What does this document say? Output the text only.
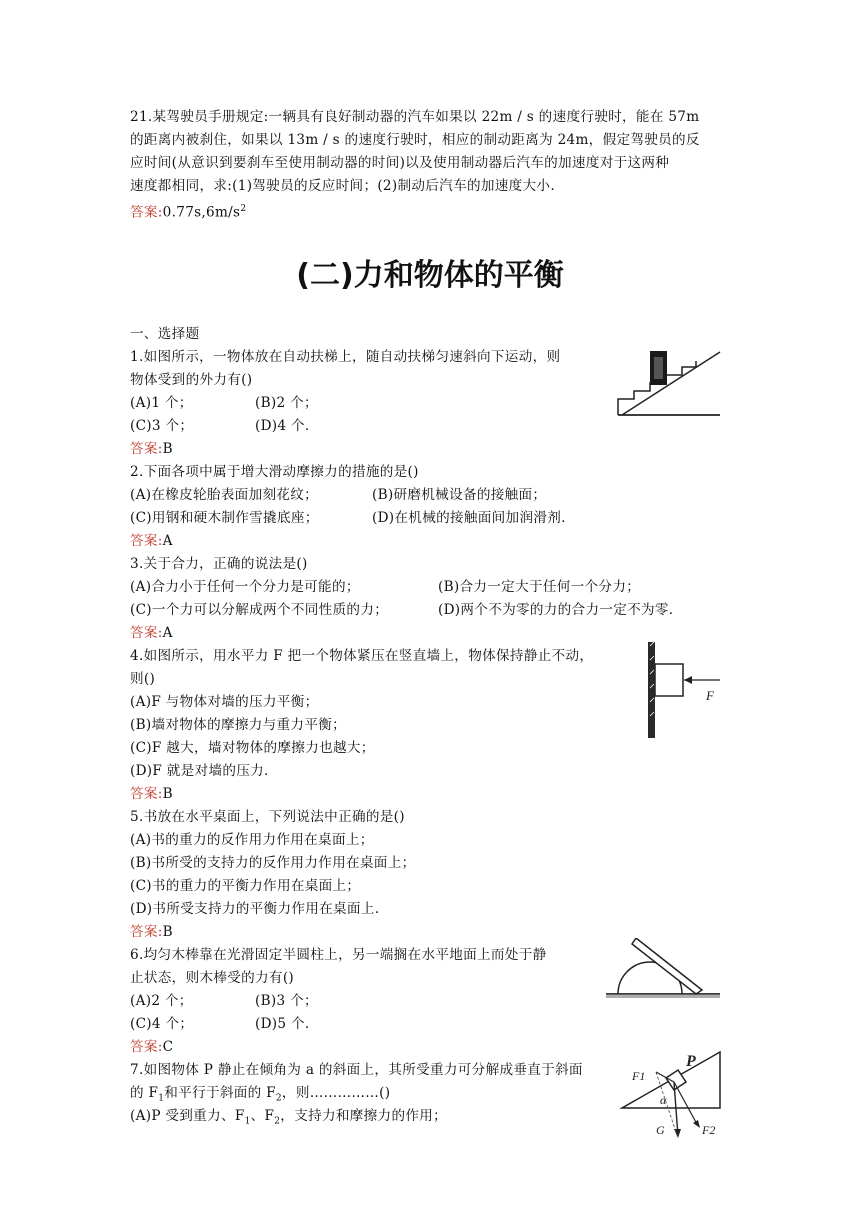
21.某驾驶员手册规定:一辆具有良好制动器的汽车如果以 22m / s 的速度行驶时，能在 57m
的距离内被刹住，如果以 13m / s 的速度行驶时，相应的制动距离为 24m，假定驾驶员的反
应时间(从意识到要刹车至使用制动器的时间)以及使用制动器后汽车的加速度对于这两种
速度都相同，求:(1)驾驶员的反应时间；(2)制动后汽车的加速度大小.
答案$:0.77s,6m/s^2$
(二)力和物体的平衡
一、选择题
1.如图所示，一物体放在自动扶梯上，随自动扶梯匀速斜向下运动，则
物体受到的外力有()
(A)1 个；	(B)2 个；
(C)3 个；	(D)4 个.
答案:B
2.下面各项中属于增大滑动摩擦力的措施的是()
(A)在橡皮轮胎表面加刻花纹；	(B)研磨机械设备的接触面；
(C)用钢和硬木制作雪撬底座；	(D)在机械的接触面间加润滑剂.
答案:A
3.关于合力，正确的说法是()
(A)合力小于任何一个分力是可能的；	(B)合力一定大于任何一个分力；
(C)一个力可以分解成两个不同性质的力；	(D)两个不为零的力的合力一定不为零.
答案:A
4.如图所示，用水平力 F 把一个物体紧压在竖直墙上，物体保持静止不动，
则()
(A)F 与物体对墙的压力平衡；
(B)墙对物体的摩擦力与重力平衡；
(C)F 越大，墙对物体的摩擦力也越大；
(D)F 就是对墙的压力.
答案:B
F
5.书放在水平桌面上，下列说法中正确的是()
(A)书的重力的反作用力作用在桌面上；
(B)书所受的支持力的反作用力作用在桌面上；
(C)书的重力的平衡力作用在桌面上；
(D)书所受支持力的平衡力作用在桌面上.
答案:B
6.均匀木棒靠在光滑固定半圆柱上，另一端搁在水平地面上而处于静
止状态，则木棒受的力有()
(A)2 个；	(B)3 个；
(C)4 个；	(D)5 个.
答案:C
7.如图物体 P 静止在倾角为 a 的斜面上，其所受重力可分解成垂直于斜面
的 $F_1$和平行于斜面的 $F_2$，则……………()
(A)P 受到重力、$F_1$、$F_2$，支持力和摩擦力的作用；
P
F1
α
G	F2
